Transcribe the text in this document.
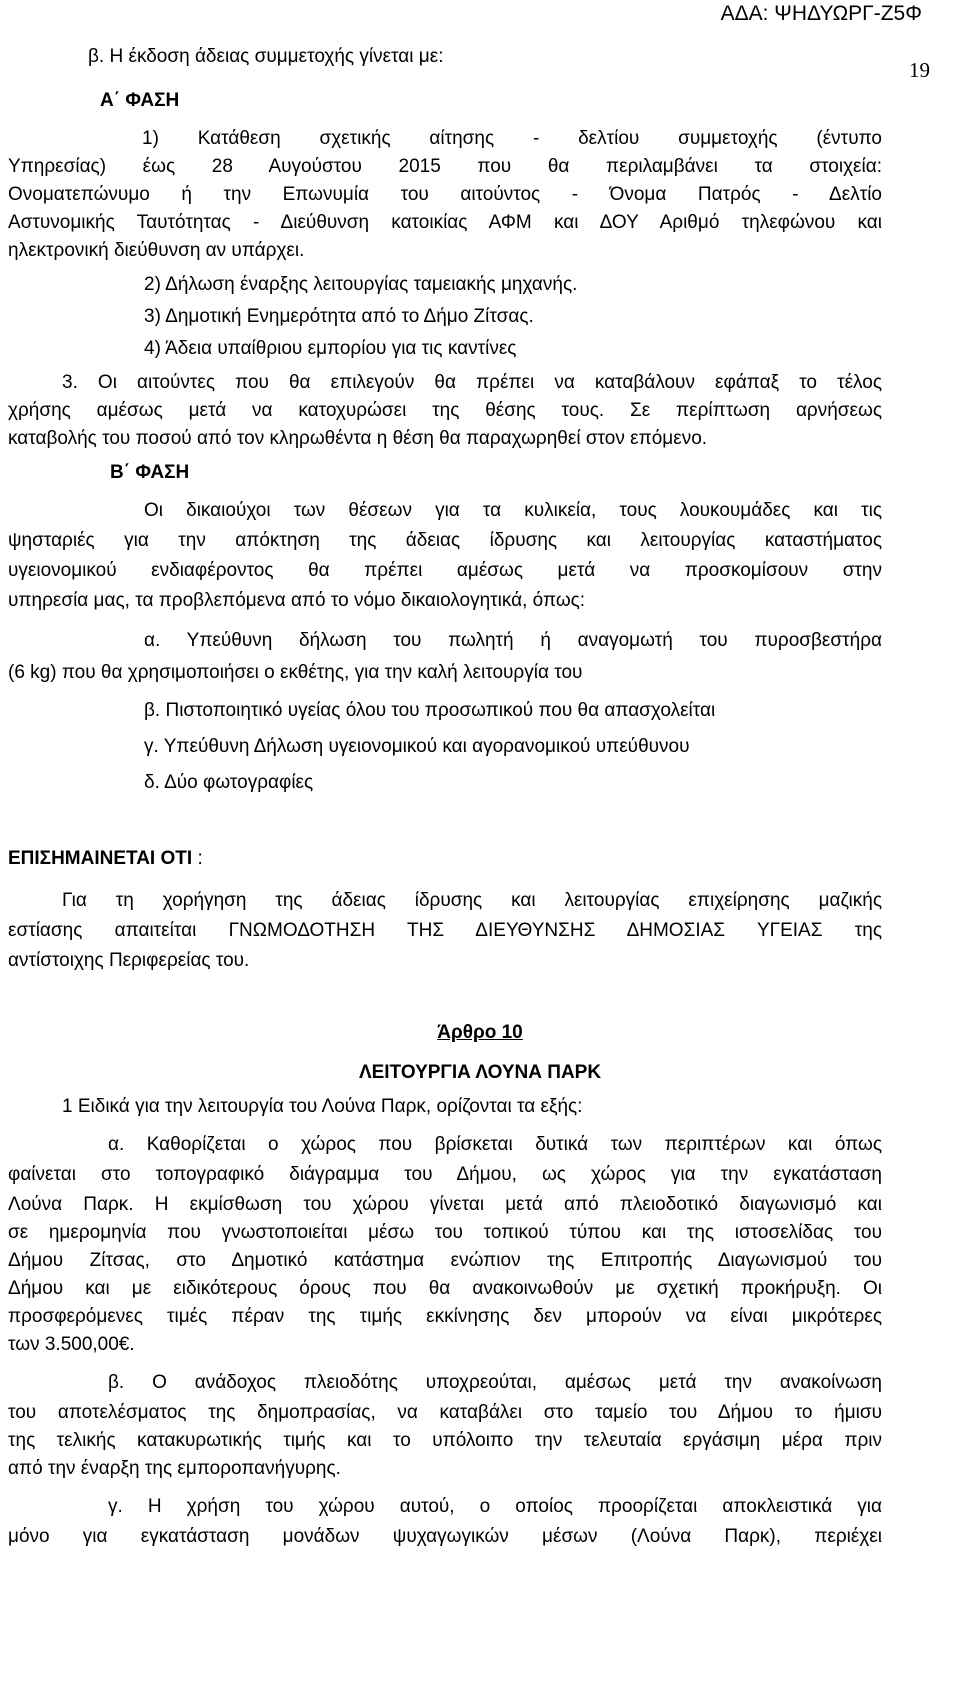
ΑΔΑ: ΨΗΔΥΩΡΓ-Ζ5Φ
19
β. Η έκδοση άδειας συμμετοχής γίνεται με:
Α΄ ΦΑΣΗ
1) Κατάθεση σχετικής αίτησης - δελτίου συμμετοχής (έντυπο
Υπηρεσίας) έως 28 Αυγούστου 2015 που θα περιλαμβάνει τα στοιχεία:
Ονοματεπώνυμο ή την Επωνυμία του αιτούντος - Όνομα Πατρός - Δελτίο
Αστυνομικής Ταυτότητας - Διεύθυνση κατοικίας ΑΦΜ και ΔΟΥ Αριθμό τηλεφώνου και
ηλεκτρονική διεύθυνση αν υπάρχει.
2) Δήλωση έναρξης λειτουργίας ταμειακής μηχανής.
3) Δημοτική Ενημερότητα από το Δήμο Ζίτσας.
4) Άδεια υπαίθριου εμπορίου για τις καντίνες
3. Οι αιτούντες που θα επιλεγούν θα πρέπει να καταβάλουν εφάπαξ το τέλος
χρήσης αμέσως μετά να κατοχυρώσει της θέσης τους. Σε περίπτωση αρνήσεως
καταβολής του ποσού από τον κληρωθέντα η θέση θα παραχωρηθεί στον επόμενο.
Β΄ ΦΑΣΗ
Οι δικαιούχοι των θέσεων για τα κυλικεία, τους λουκουμάδες και τις
ψησταριές για την απόκτηση της άδειας ίδρυσης και λειτουργίας καταστήματος
υγειονομικού ενδιαφέροντος θα πρέπει αμέσως μετά να προσκομίσουν στην
υπηρεσία μας, τα προβλεπόμενα από το νόμο δικαιολογητικά, όπως:
α. Υπεύθυνη δήλωση του πωλητή ή αναγομωτή του πυροσβεστήρα
(6 kg) που θα χρησιμοποιήσει ο εκθέτης, για την καλή λειτουργία του
β. Πιστοποιητικό υγείας όλου του προσωπικού που θα απασχολείται
γ. Υπεύθυνη Δήλωση υγειονομικού και αγορανομικού υπεύθυνου
δ. Δύο φωτογραφίες
ΕΠΙΣΗΜΑΙΝΕΤΑΙ ΟΤΙ :
Για τη χορήγηση της άδειας ίδρυσης και λειτουργίας επιχείρησης μαζικής
εστίασης απαιτείται ΓΝΩΜΟΔΟΤΗΣΗ ΤΗΣ ΔΙΕΥΘΥΝΣΗΣ ΔΗΜΟΣΙΑΣ ΥΓΕΙΑΣ της
αντίστοιχης Περιφερείας του.
Άρθρο 10
ΛΕΙΤΟΥΡΓΙΑ ΛΟΥΝΑ ΠΑΡΚ
1 Ειδικά για την λειτουργία του Λούνα Παρκ, ορίζονται τα εξής:
α. Καθορίζεται ο χώρος που βρίσκεται δυτικά των περιπτέρων και όπως
φαίνεται στο τοπογραφικό διάγραμμα του Δήμου, ως χώρος για την εγκατάσταση
Λούνα Παρκ. Η εκμίσθωση του χώρου γίνεται μετά από πλειοδοτικό διαγωνισμό και
σε ημερομηνία που γνωστοποιείται μέσω του τοπικού τύπου και της ιστοσελίδας του
Δήμου Ζίτσας, στο Δημοτικό κατάστημα ενώπιον της Επιτροπής Διαγωνισμού του
Δήμου και με ειδικότερους όρους που θα ανακοινωθούν με σχετική προκήρυξη. Οι
προσφερόμενες τιμές πέραν της τιμής εκκίνησης δεν μπορούν να είναι μικρότερες
των 3.500,00€.
β. Ο ανάδοχος πλειοδότης υποχρεούται, αμέσως μετά την ανακοίνωση
του αποτελέσματος της δημοπρασίας, να καταβάλει στο ταμείο του Δήμου το ήμισυ
της τελικής κατακυρωτικής τιμής και το υπόλοιπο την τελευταία εργάσιμη μέρα πριν
από την έναρξη της εμποροπανήγυρης.
γ. Η χρήση του χώρου αυτού, ο οποίος προορίζεται αποκλειστικά για
μόνο για εγκατάσταση μονάδων ψυχαγωγικών μέσων (Λούνα Παρκ), περιέχει
